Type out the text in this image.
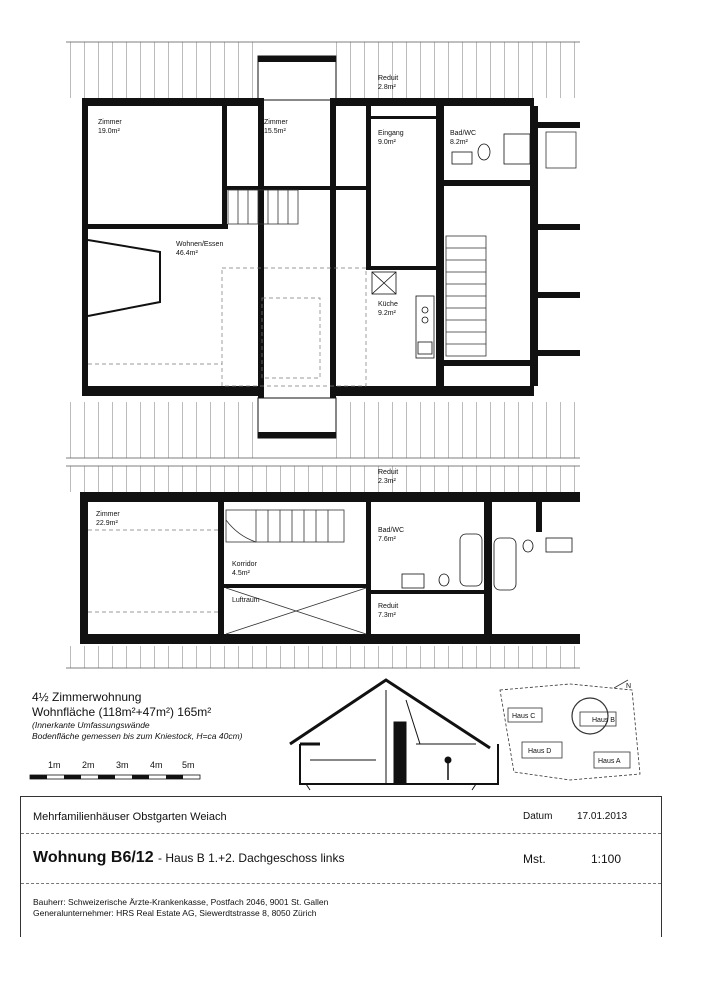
Haus C
Haus B
Haus D
Haus A
N
Zimmer
19.0m²
Zimmer
15.5m²
Reduit
2.8m²
Eingang
9.0m²
Bad/WC
8.2m²
Wohnen/Essen
46.4m²
Küche
9.2m²
Reduit
2.3m²
Zimmer
22.9m²
Bad/WC
7.6m²
Korridor
4.5m²
Luftraum
Reduit
7.3m²
4½ Zimmerwohnung
Wohnfläche (118m²+47m²) 165m²
(Innerkante Umfassungswände
Bodenfläche gemessen bis zum Kniestock, H=ca 40cm)
1m 2m 3m 4m 5m
Mehrfamilienhäuser Obstgarten Weiach	Datum 17.01.2013
Wohnung B6/12 - Haus B 1.+2. Dachgeschoss links	Mst.	1:100
Bauherr: Schweizerische Ärzte-Krankenkasse, Postfach 2046, 9001 St. Gallen
Generalunternehmer: HRS Real Estate AG, Siewerdtstrasse 8, 8050 Zürich
